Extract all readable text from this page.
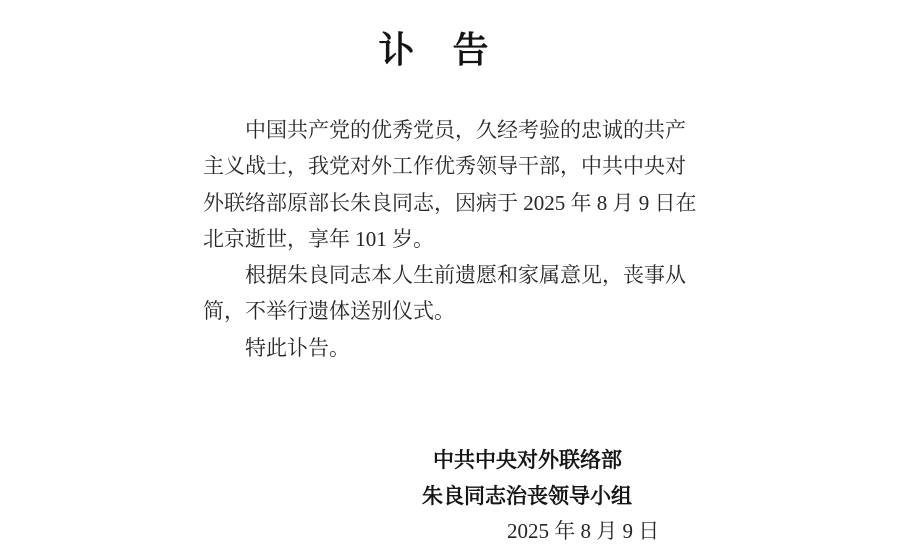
讣　告
中国共产党的优秀党员，久经考验的忠诚的共产
主义战士，我党对外工作优秀领导干部，中共中央对
外联络部原部长朱良同志，因病于 2025 年 8 月 9 日在
北京逝世，享年 101 岁。
根据朱良同志本人生前遗愿和家属意见，丧事从
简，不举行遗体送别仪式。
特此讣告。

中共中央对外联络部

朱良同志治丧领导小组

2025 年 8 月 9 日
